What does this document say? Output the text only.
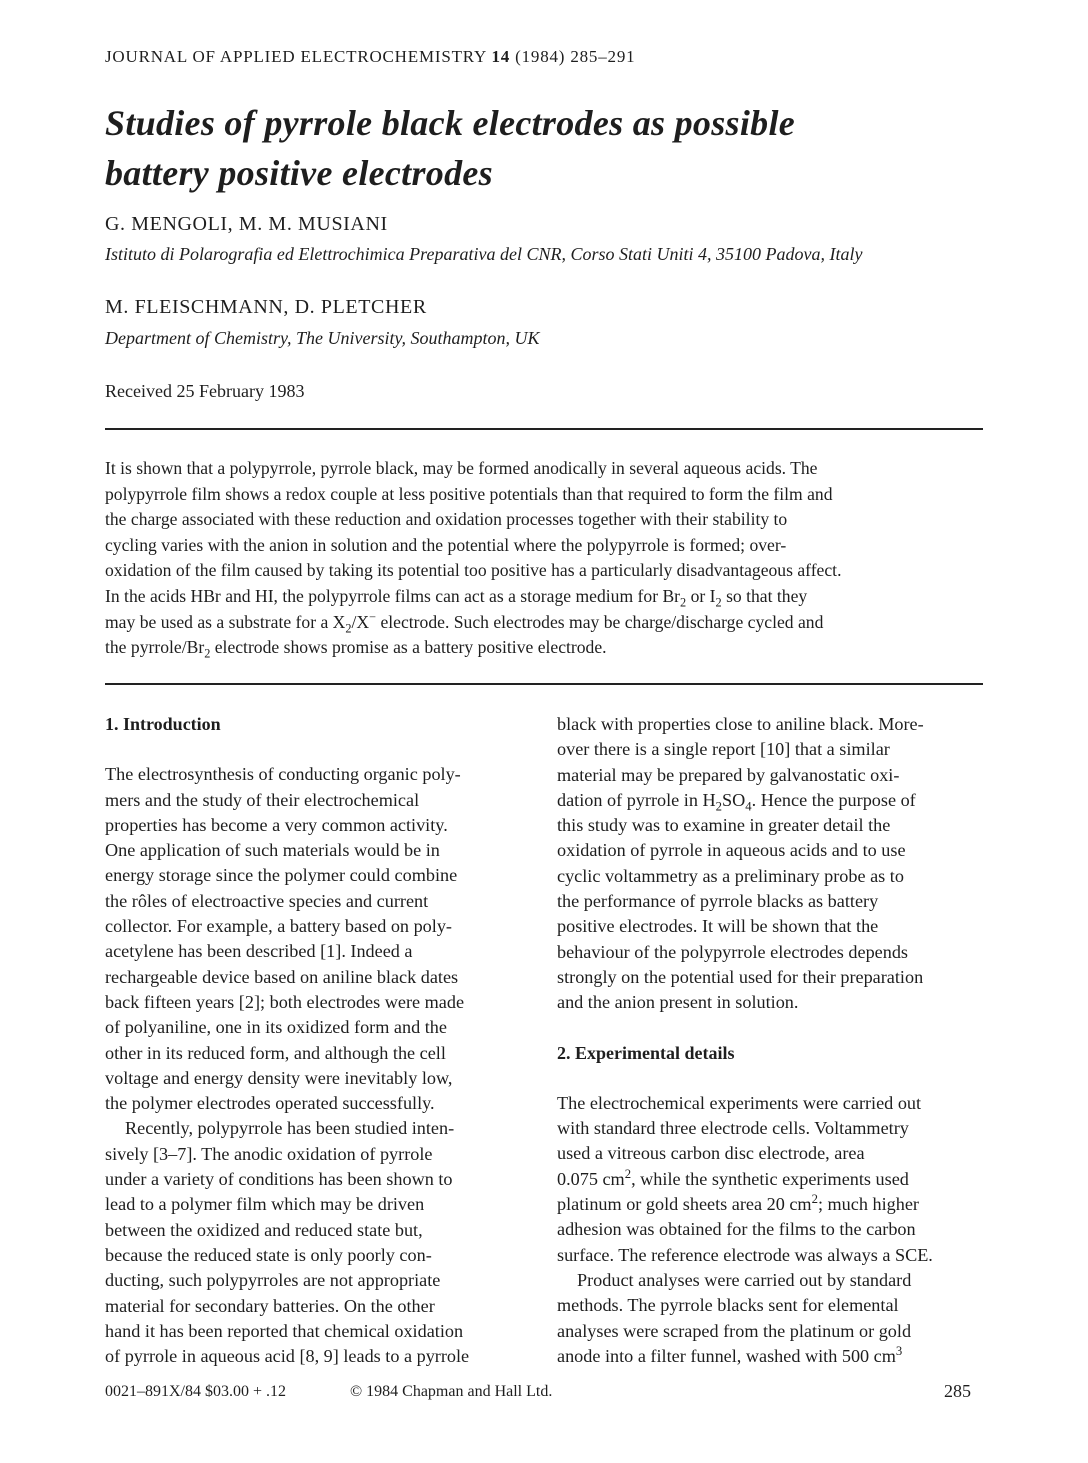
JOURNAL OF APPLIED ELECTROCHEMISTRY 14 (1984) 285–291
Studies of pyrrole black electrodes as possible
battery positive electrodes
G. MENGOLI, M. M. MUSIANI
Istituto di Polarografia ed Elettrochimica Preparativa del CNR, Corso Stati Uniti 4, 35100 Padova, Italy
M. FLEISCHMANN, D. PLETCHER
Department of Chemistry, The University, Southampton, UK
Received 25 February 1983
It is shown that a polypyrrole, pyrrole black, may be formed anodically in several aqueous acids. The
polypyrrole film shows a redox couple at less positive potentials than that required to form the film and
the charge associated with these reduction and oxidation processes together with their stability to
cycling varies with the anion in solution and the potential where the polypyrrole is formed; over-
oxidation of the film caused by taking its potential too positive has a particularly disadvantageous affect.
In the acids HBr and HI, the polypyrrole films can act as a storage medium for $Br_2$ or $I_2$ so that they
may be used as a substrate for a $X_2/X^-$ electrode. Such electrodes may be charge/discharge cycled and
the pyrrole/$Br_2$ electrode shows promise as a battery positive electrode.
1. Introduction
The electrosynthesis of conducting organic poly-
mers and the study of their electrochemical
properties has become a very common activity.
One application of such materials would be in
energy storage since the polymer could combine
the rôles of electroactive species and current
collector. For example, a battery based on poly-
acetylene has been described [1]. Indeed a
rechargeable device based on aniline black dates
back fifteen years [2]; both electrodes were made
of polyaniline, one in its oxidized form and the
other in its reduced form, and although the cell
voltage and energy density were inevitably low,
the polymer electrodes operated successfully.
Recently, polypyrrole has been studied inten-
sively [3–7]. The anodic oxidation of pyrrole
under a variety of conditions has been shown to
lead to a polymer film which may be driven
between the oxidized and reduced state but,
because the reduced state is only poorly con-
ducting, such polypyrroles are not appropriate
material for secondary batteries. On the other
hand it has been reported that chemical oxidation
of pyrrole in aqueous acid [8, 9] leads to a pyrrole
black with properties close to aniline black. More-
over there is a single report [10] that a similar
material may be prepared by galvanostatic oxi-
dation of pyrrole in $H_2SO_4$. Hence the purpose of
this study was to examine in greater detail the
oxidation of pyrrole in aqueous acids and to use
cyclic voltammetry as a preliminary probe as to
the performance of pyrrole blacks as battery
positive electrodes. It will be shown that the
behaviour of the polypyrrole electrodes depends
strongly on the potential used for their preparation
and the anion present in solution.
2. Experimental details
The electrochemical experiments were carried out
with standard three electrode cells. Voltammetry
used a vitreous carbon disc electrode, area
0.075 $cm^2$, while the synthetic experiments used
platinum or gold sheets area 20 $cm^2$; much higher
adhesion was obtained for the films to the carbon
surface. The reference electrode was always a SCE.
Product analyses were carried out by standard
methods. The pyrrole blacks sent for elemental
analyses were scraped from the platinum or gold
anode into a filter funnel, washed with 500 $cm^3$
0021–891X/84 $03.00 + .12	© 1984 Chapman and Hall Ltd.	285
